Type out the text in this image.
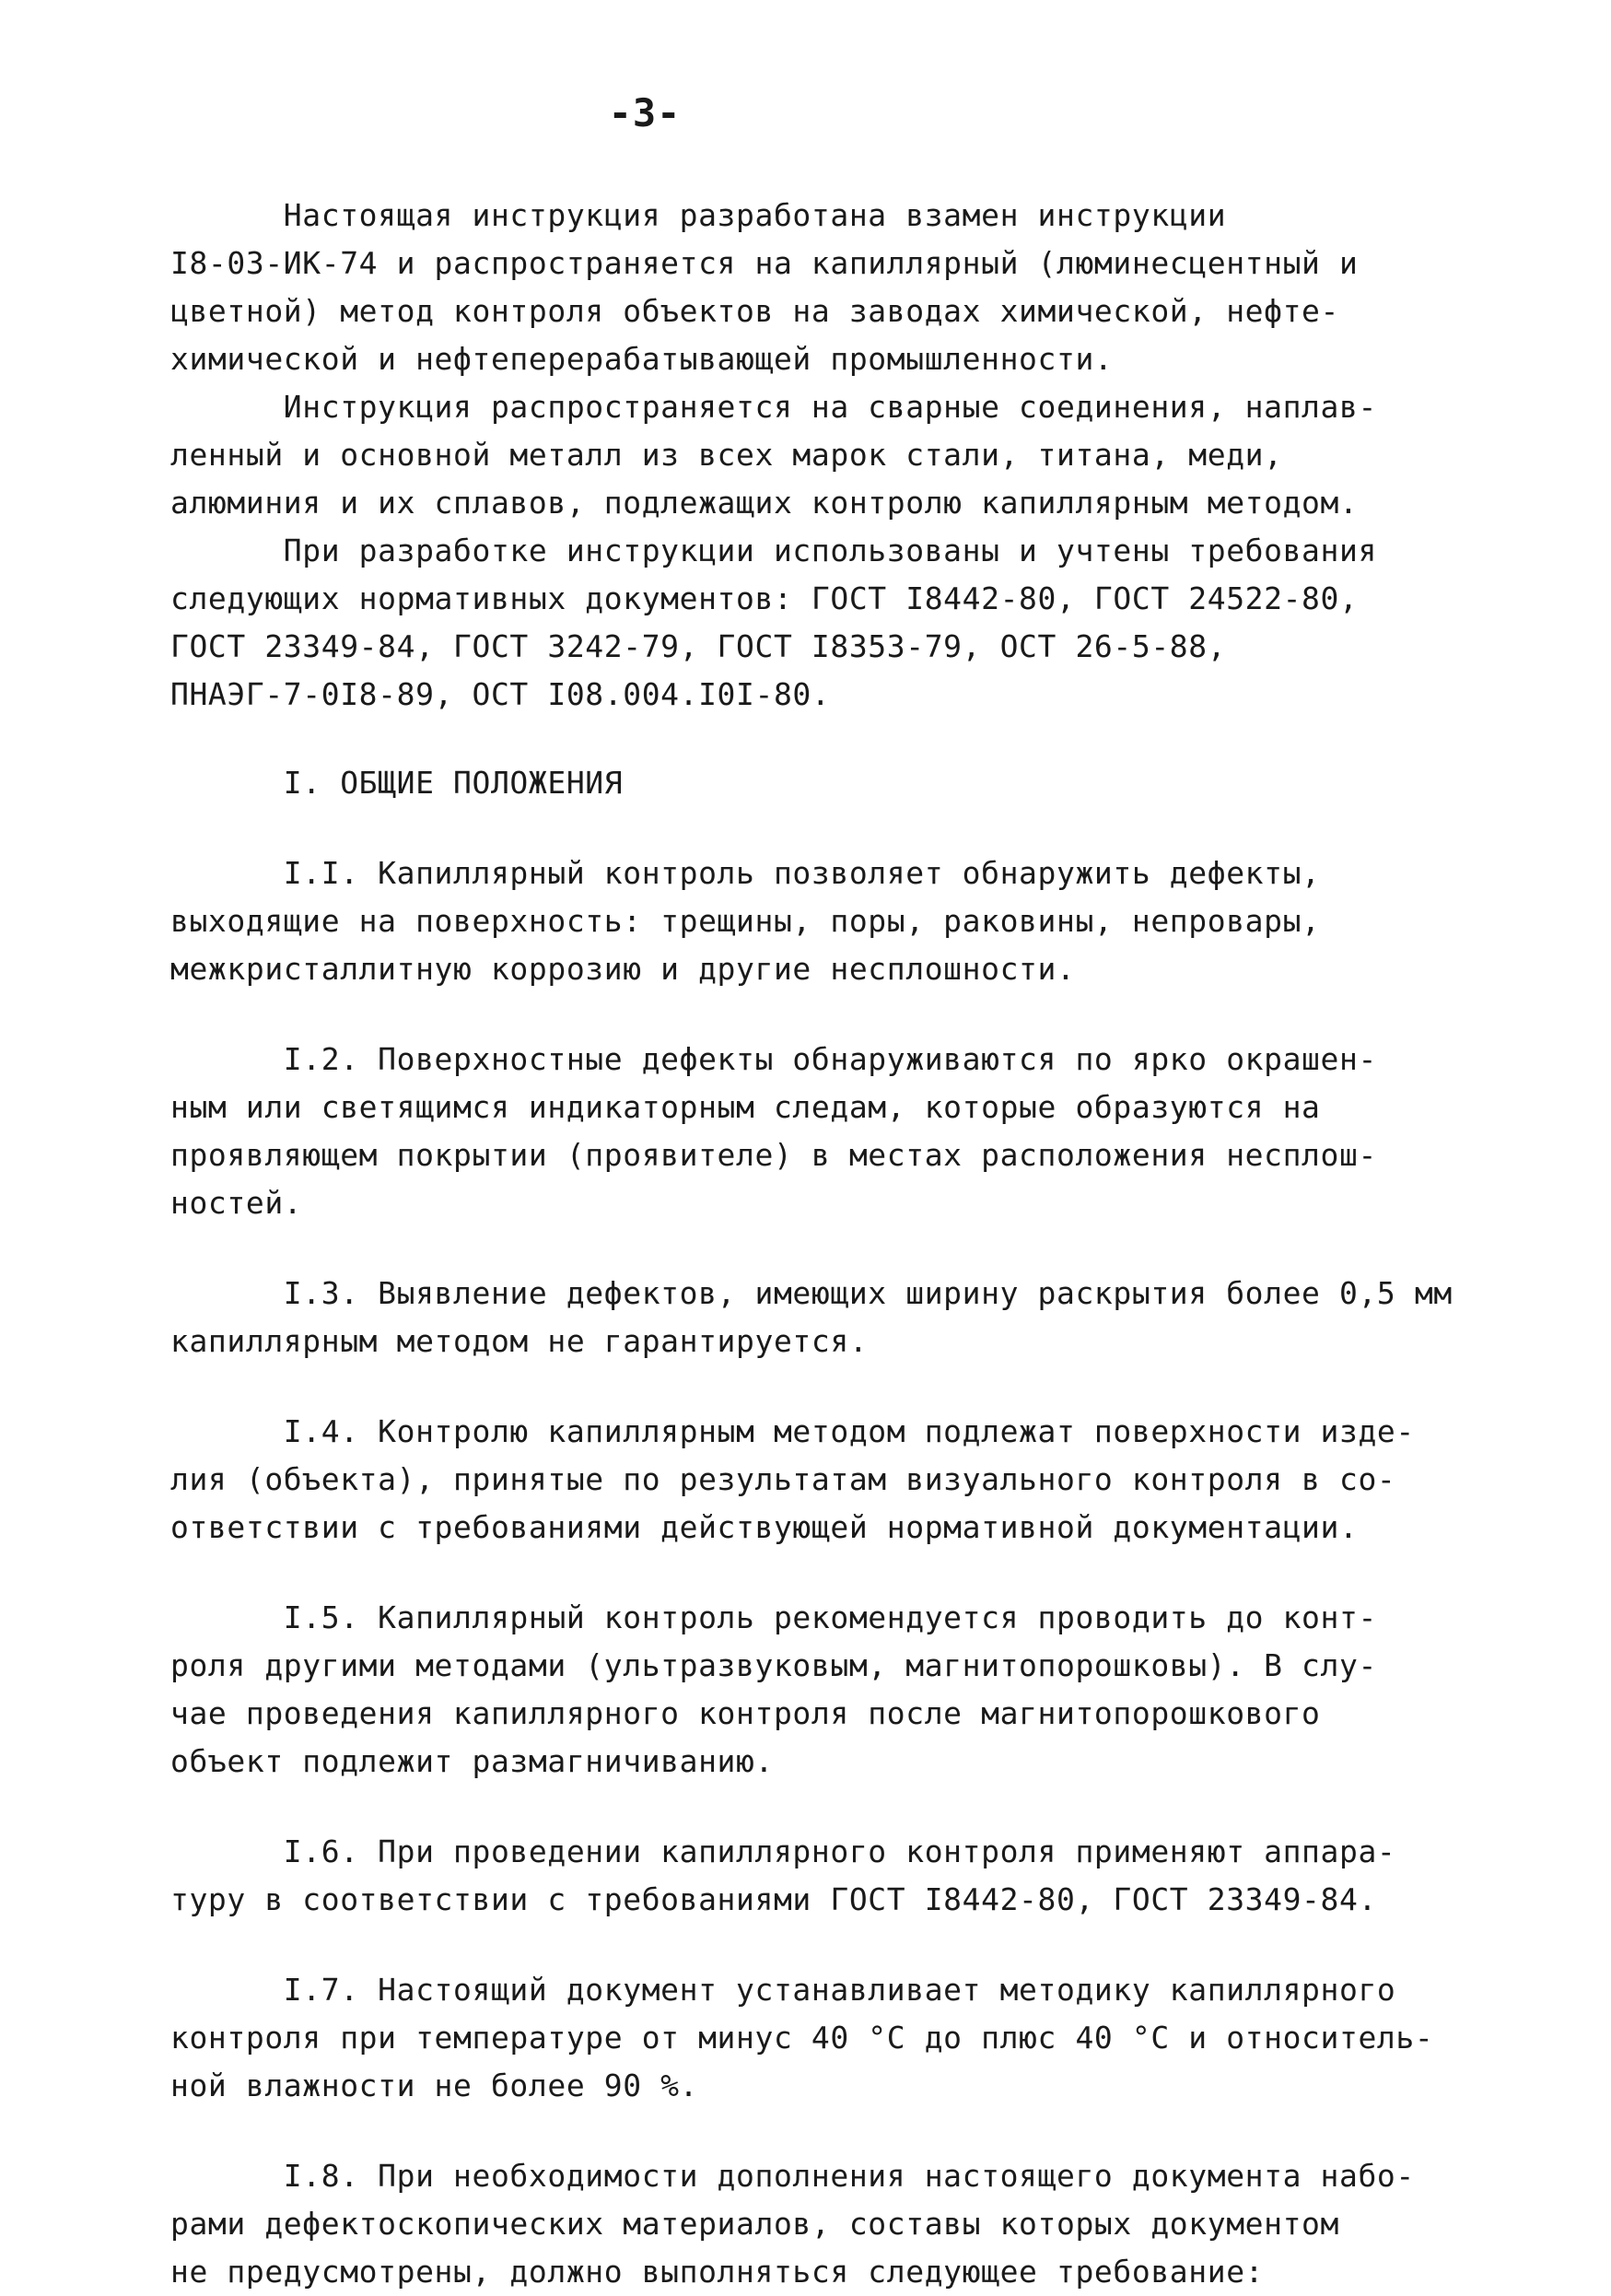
-3-
Настоящая инструкция разработана взамен инструкции
I8-03-ИК-74 и распространяется на капиллярный (люминесцентный и
цветной) метод контроля объектов на заводах химической, нефте-
химической и нефтеперерабатывающей промышленности.
Инструкция распространяется на сварные соединения, наплав-
ленный и основной металл из всех марок стали, титана, меди,
алюминия и их сплавов, подлежащих контролю капиллярным методом.
При разработке инструкции использованы и учтены требования
следующих нормативных документов: ГОСТ I8442-80, ГОСТ 24522-80,
ГОСТ 23349-84, ГОСТ 3242-79, ГОСТ I8353-79, ОСТ 26-5-88,
ПНАЭГ-7-0I8-89, ОСТ I08.004.I0I-80.
I. ОБЩИЕ ПОЛОЖЕНИЯ
I.I. Капиллярный контроль позволяет обнаружить дефекты,
выходящие на поверхность: трещины, поры, раковины, непровары,
межкристаллитную коррозию и другие несплошности.
I.2. Поверхностные дефекты обнаруживаются по ярко окрашен-
ным или светящимся индикаторным следам, которые образуются на
проявляющем покрытии (проявителе) в местах расположения несплош-
ностей.
I.3. Выявление дефектов, имеющих ширину раскрытия более 0,5 мм
капиллярным методом не гарантируется.
I.4. Контролю капиллярным методом подлежат поверхности изде-
лия (объекта), принятые по результатам визуального контроля в со-
ответствии с требованиями действующей нормативной документации.
I.5. Капиллярный контроль рекомендуется проводить до конт-
роля другими методами (ультразвуковым, магнитопорошковы). В слу-
чае проведения капиллярного контроля после магнитопорошкового
объект подлежит размагничиванию.
I.6. При проведении капиллярного контроля применяют аппара-
туру в соответствии с требованиями ГОСТ I8442-80, ГОСТ 23349-84.
I.7. Настоящий документ устанавливает методику капиллярного
контроля при температуре от минус 40 °С до плюс 40 °С и относитель-
ной влажности не более 90 %.
I.8. При необходимости дополнения настоящего документа набо-
рами дефектоскопических материалов, составы которых документом
не предусмотрены, должно выполняться следующее требование:
